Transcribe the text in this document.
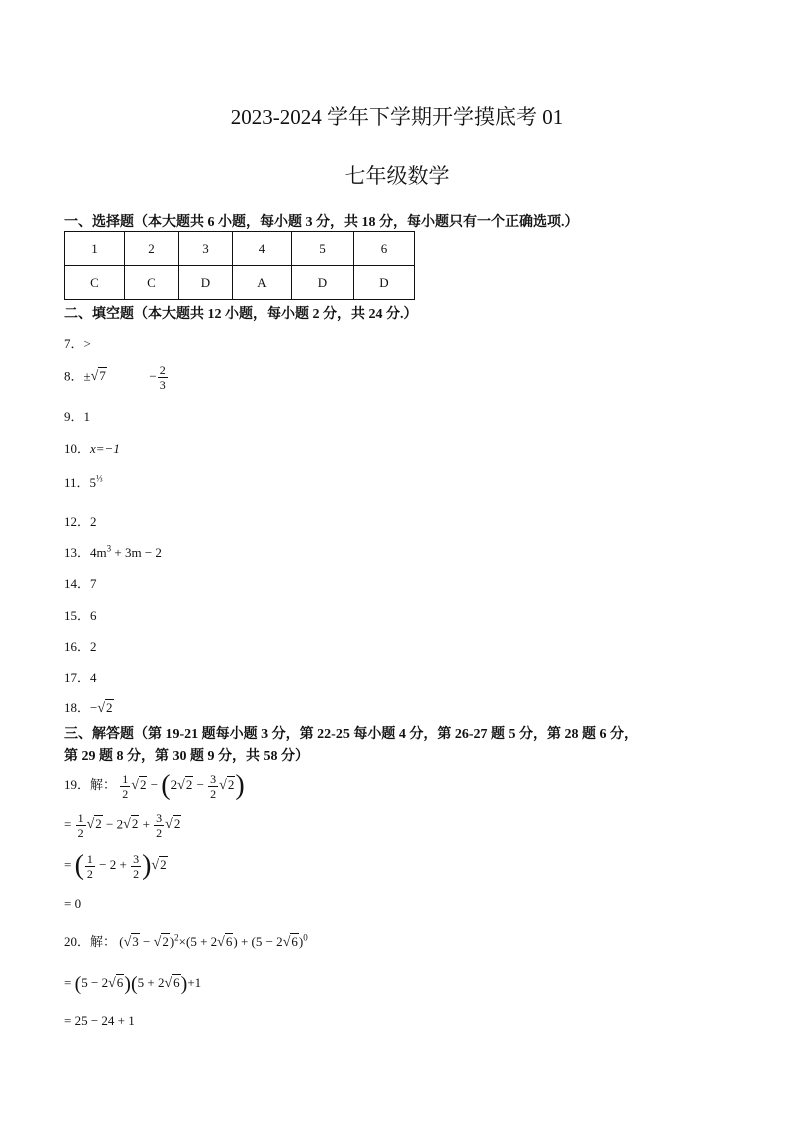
2023-2024 学年下学期开学摸底考 01
七年级数学
一、选择题（本大题共 6 小题，每小题 3 分，共 18 分，每小题只有一个正确选项.）
1	2	3	4	5	6
C	C	D	A	D	D
二、填空题（本大题共 12 小题，每小题 2 分，共 24 分.）
7．>
8．±√7	− $\frac{2}{3}$
9．1
10．x=−1
11．$5^{\frac{1}{3}}$
12．2
13．$4m^3 + 3m - 2$
14．7
15．6
16．2
17．4
18．−√2
三、解答题（第 19-21 题每小题 3 分，第 22-25 每小题 4 分，第 26-27 题 5 分，第 28 题 6 分，
第 29 题 8 分，第 30 题 9 分，共 58 分）
19．解： $\frac{1}{2} √2 - (2√2 - \frac{3}{2} √2)$
= $\frac{1}{2} √2 - 2√2 + \frac{3}{2} √2$
= ( $\frac{1}{2} - 2 + \frac{3}{2} )√2$
= 0
20．解： $(√3 - √2)^2\times(5 + 2√6) + (5 - 2√6)^0$
= (5 − 2√6)(5 + 2√6)+1
= 25 − 24 + 1
